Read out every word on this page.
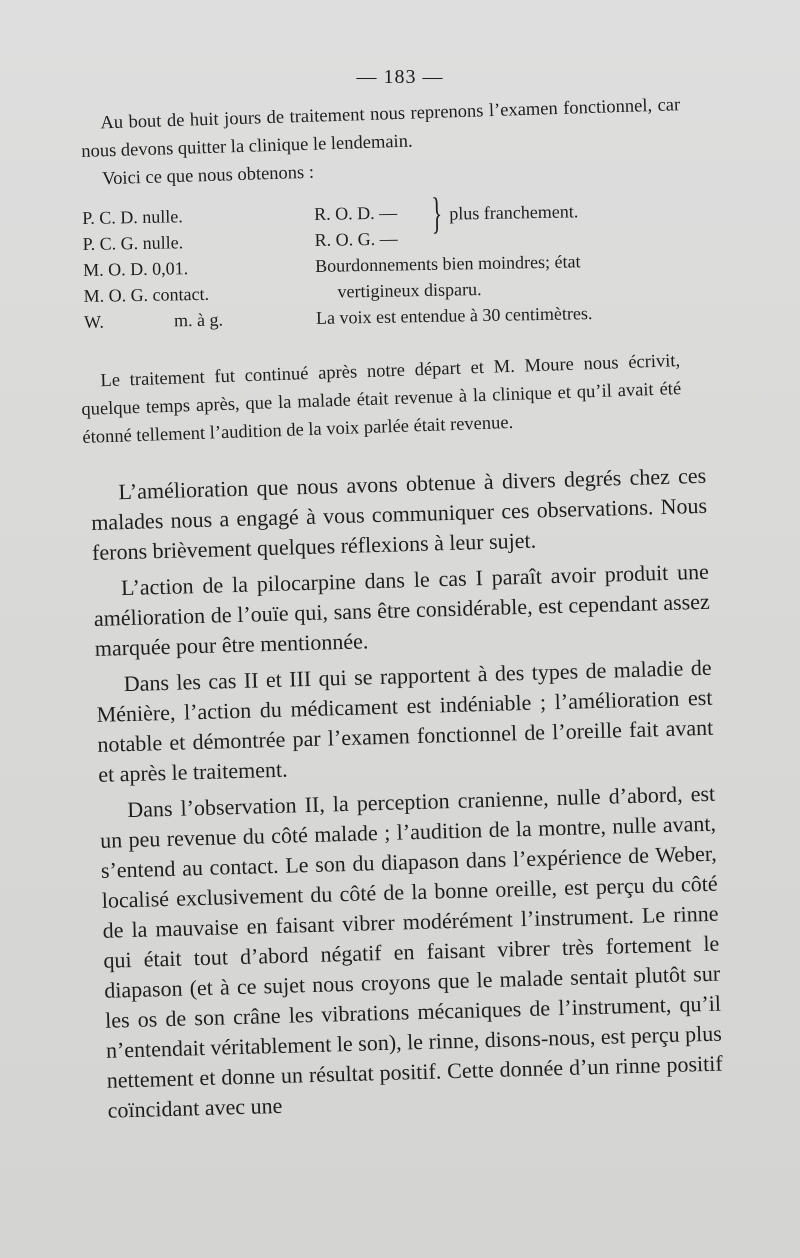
— 183 —

Au bout de huit jours de traitement nous reprenons l’examen fonctionnel, car nous devons quitter la clinique le lendemain.

Voici ce que nous obtenons :

P. C. D. nulle.
P. C. G. nulle.
M. O. D. 0,01.
M. O. G. contact.
W.	m. à g.
R. O. D. —
R. O. G. —
} plus franchement.
Bourdonnements bien moindres; état
vertigineux disparu.
La voix est entendue à 30 centimètres.

Le traitement fut continué après notre départ et M. Moure nous écrivit, quelque temps après, que la malade était revenue à la clinique et qu’il avait été étonné tellement l’audition de la voix parlée était revenue.

L’amélioration que nous avons obtenue à divers degrés chez ces malades nous a engagé à vous communiquer ces observations. Nous ferons brièvement quelques réflexions à leur sujet.

L’action de la pilocarpine dans le cas I paraît avoir produit une amélioration de l’ouïe qui, sans être considérable, est cependant assez marquée pour être mentionnée.

Dans les cas II et III qui se rapportent à des types de maladie de Ménière, l’action du médicament est indéniable ; l’amélioration est notable et démontrée par l’examen fonctionnel de l’oreille fait avant et après le traitement.

Dans l’observation II, la perception cranienne, nulle d’abord, est un peu revenue du côté malade ; l’audition de la montre, nulle avant, s’entend au contact. Le son du diapason dans l’expérience de Weber, localisé exclusivement du côté de la bonne oreille, est perçu du côté de la mauvaise en faisant vibrer modérément l’instrument. Le rinne qui était tout d’abord négatif en faisant vibrer très fortement le diapason (et à ce sujet nous croyons que le malade sentait plutôt sur les os de son crâne les vibrations mécaniques de l’instrument, qu’il n’entendait véritablement le son), le rinne, disons-nous, est perçu plus nettement et donne un résultat positif. Cette donnée d’un rinne positif coïncidant avec une
